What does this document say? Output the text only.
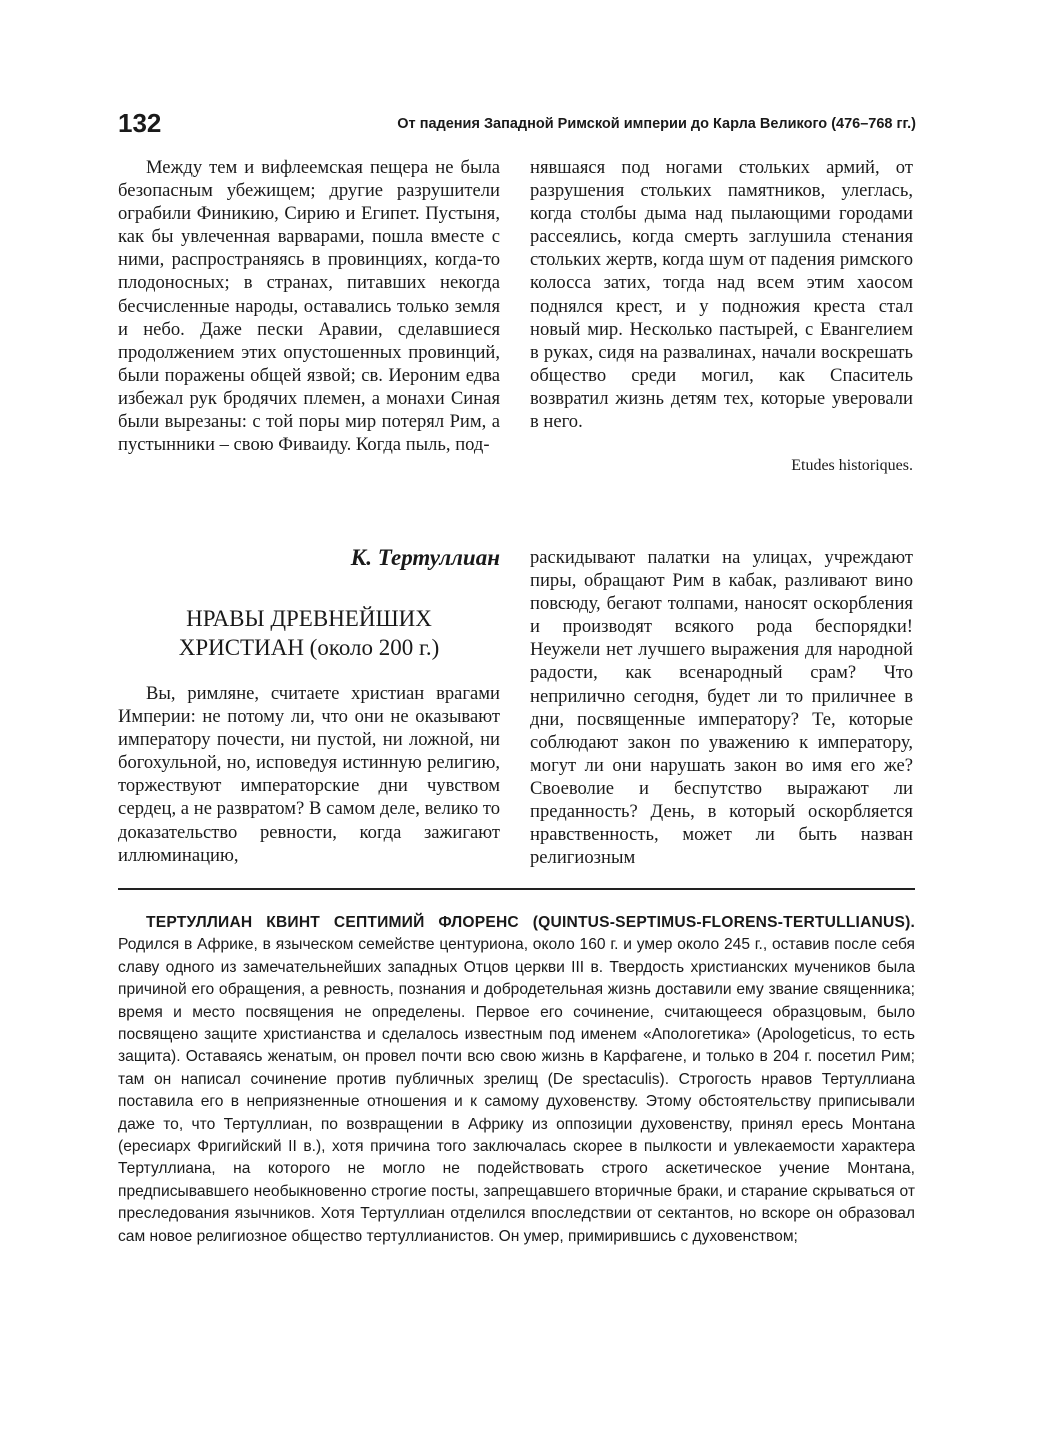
132	От падения Западной Римской империи до Карла Великого (476–768 гг.)

Между тем и вифлеемская пещера не была безопасным убежищем; другие разрушители ограбили Финикию, Сирию и Египет. Пустыня, как бы увлеченная варварами, пошла вместе с ними, распространяясь в провинциях, когда-то плодоносных; в странах, питавших некогда бесчисленные народы, оставались только земля и небо. Даже пески Аравии, сделавшиеся продолжением этих опустошенных провинций, были поражены общей язвой; св. Иероним едва избежал рук бродячих племен, а монахи Синая были вырезаны: с той поры мир потерял Рим, а пустынники – свою Фиваиду. Когда пыль, под-

нявшаяся под ногами стольких армий, от разрушения стольких памятников, улеглась, когда столбы дыма над пылающими городами рассеялись, когда смерть заглушила стенания стольких жертв, когда шум от падения римского колосса затих, тогда над всем этим хаосом поднялся крест, и у подножия креста стал новый мир. Несколько пастырей, с Евангелием в руках, сидя на развалинах, начали воскрешать общество среди могил, как Спаситель возвратил жизнь детям тех, которые уверовали в него.

Etudes historiques.
К. Тертуллиан
НРАВЫ ДРЕВНЕЙШИХ
ХРИСТИАН (около 200 г.)

Вы, римляне, считаете христиан врагами Империи: не потому ли, что они не оказывают императору почести, ни пустой, ни ложной, ни богохульной, но, исповедуя истинную религию, торжествуют императорские дни чувством сердец, а не развратом? В самом деле, велико то доказательство ревности, когда зажигают иллюминацию,

раскидывают палатки на улицах, учреждают пиры, обращают Рим в кабак, разливают вино повсюду, бегают толпами, наносят оскорбления и производят всякого рода беспорядки! Неужели нет лучшего выражения для народной радости, как всенародный срам? Что неприлично сегодня, будет ли то приличнее в дни, посвященные императору? Те, которые соблюдают закон по уважению к императору, могут ли они нарушать закон во имя его же? Своеволие и беспутство выражают ли преданность? День, в который оскорбляется нравственность, может ли быть назван религиозным

ТЕРТУЛЛИАН КВИНТ СЕПТИМИЙ ФЛОРЕНС (QUINTUS-SEPTIMUS-FLORENS-TERTULLIANUS). Родился в Африке, в языческом семействе центуриона, около 160 г. и умер около 245 г., оставив после себя славу одного из замечательнейших западных Отцов церкви III в. Твердость христианских мучеников была причиной его обращения, а ревность, познания и добродетельная жизнь доставили ему звание священника; время и место посвящения не определены. Первое его сочинение, считающееся образцовым, было посвящено защите христианства и сделалось известным под именем «Апологетика» (Apologeticus, то есть защита). Оставаясь женатым, он провел почти всю свою жизнь в Карфагене, и только в 204 г. посетил Рим; там он написал сочинение против публичных зрелищ (De spectaculis). Строгость нравов Тертуллиана поставила его в неприязненные отношения и к самому духовенству. Этому обстоятельству приписывали даже то, что Тертуллиан, по возвращении в Африку из оппозиции духовенству, принял ересь Монтана (ересиарх Фригийский II в.), хотя причина того заключалась скорее в пылкости и увлекаемости характера Тертуллиана, на которого не могло не подействовать строго аскетическое учение Монтана, предписывавшего необыкновенно строгие посты, запрещавшего вторичные браки, и старание скрываться от преследования язычников. Хотя Тертуллиан отделился впоследствии от сектантов, но вскоре он образовал сам новое религиозное общество тертуллианистов. Он умер, примирившись с духовенством;
